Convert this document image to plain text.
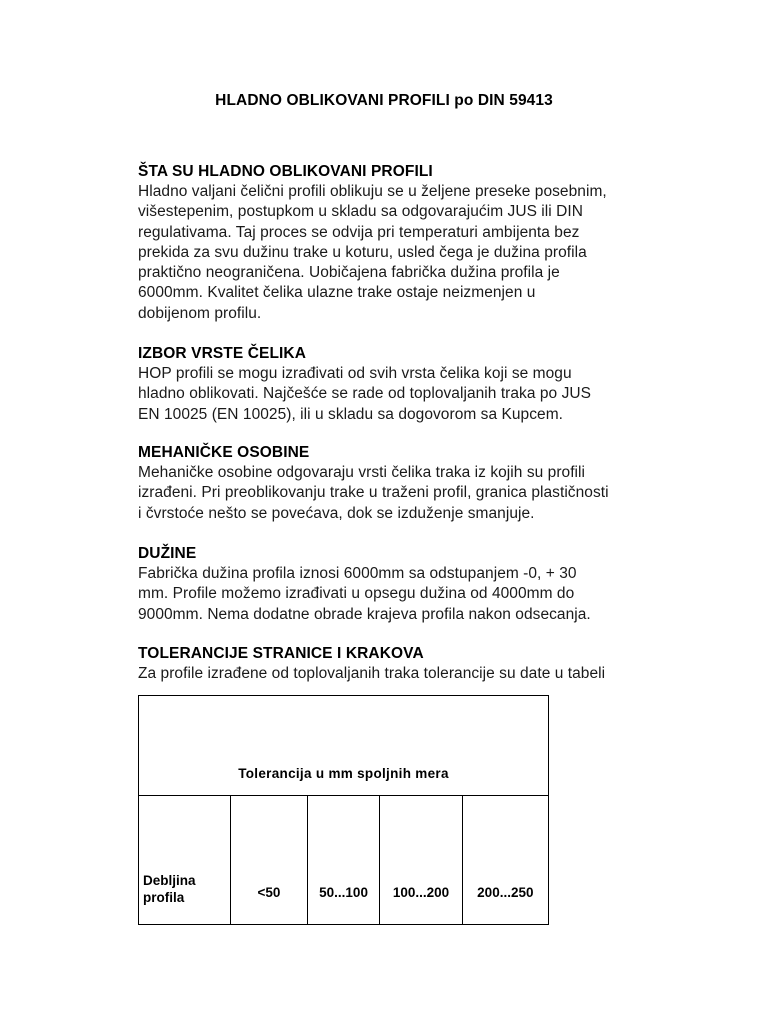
HLADNO OBLIKOVANI PROFILI po DIN 59413
ŠTA SU HLADNO OBLIKOVANI PROFILI

Hladno valjani čelični profili oblikuju se u željene preseke posebnim,
višestepenim, postupkom u skladu sa odgovarajućim JUS ili DIN
regulativama. Taj proces se odvija pri temperaturi ambijenta bez
prekida za svu dužinu trake u koturu, usled čega je dužina profila
praktično neograničena. Uobičajena fabrička dužina profila je
6000mm. Kvalitet čelika ulazne trake ostaje neizmenjen u
dobijenom profilu.

IZBOR VRSTE ČELIKA

HOP profili se mogu izrađivati od svih vrsta čelika koji se mogu
hladno oblikovati. Najčešće se rade od toplovaljanih traka po JUS
EN 10025 (EN 10025), ili u skladu sa dogovorom sa Kupcem.

MEHANIČKE OSOBINE

Mehaničke osobine odgovaraju vrsti čelika traka iz kojih su profili
izrađeni. Pri preoblikovanju trake u traženi profil, granica plastičnosti
i čvrstoće nešto se povećava, dok se izduženje smanjuje.

DUŽINE

Fabrička dužina profila iznosi 6000mm sa odstupanjem -0, + 30
mm. Profile možemo izrađivati u opsegu dužina od 4000mm do
9000mm. Nema dodatne obrade krajeva profila nakon odsecanja.

TOLERANCIJE STRANICE I KRAKOVA

Za profile izrađene od toplovaljanih traka tolerancije su date u tabeli

Tolerancija u mm spoljnih mera
Debljina
profila	<50	50...100	100...200	200...250
